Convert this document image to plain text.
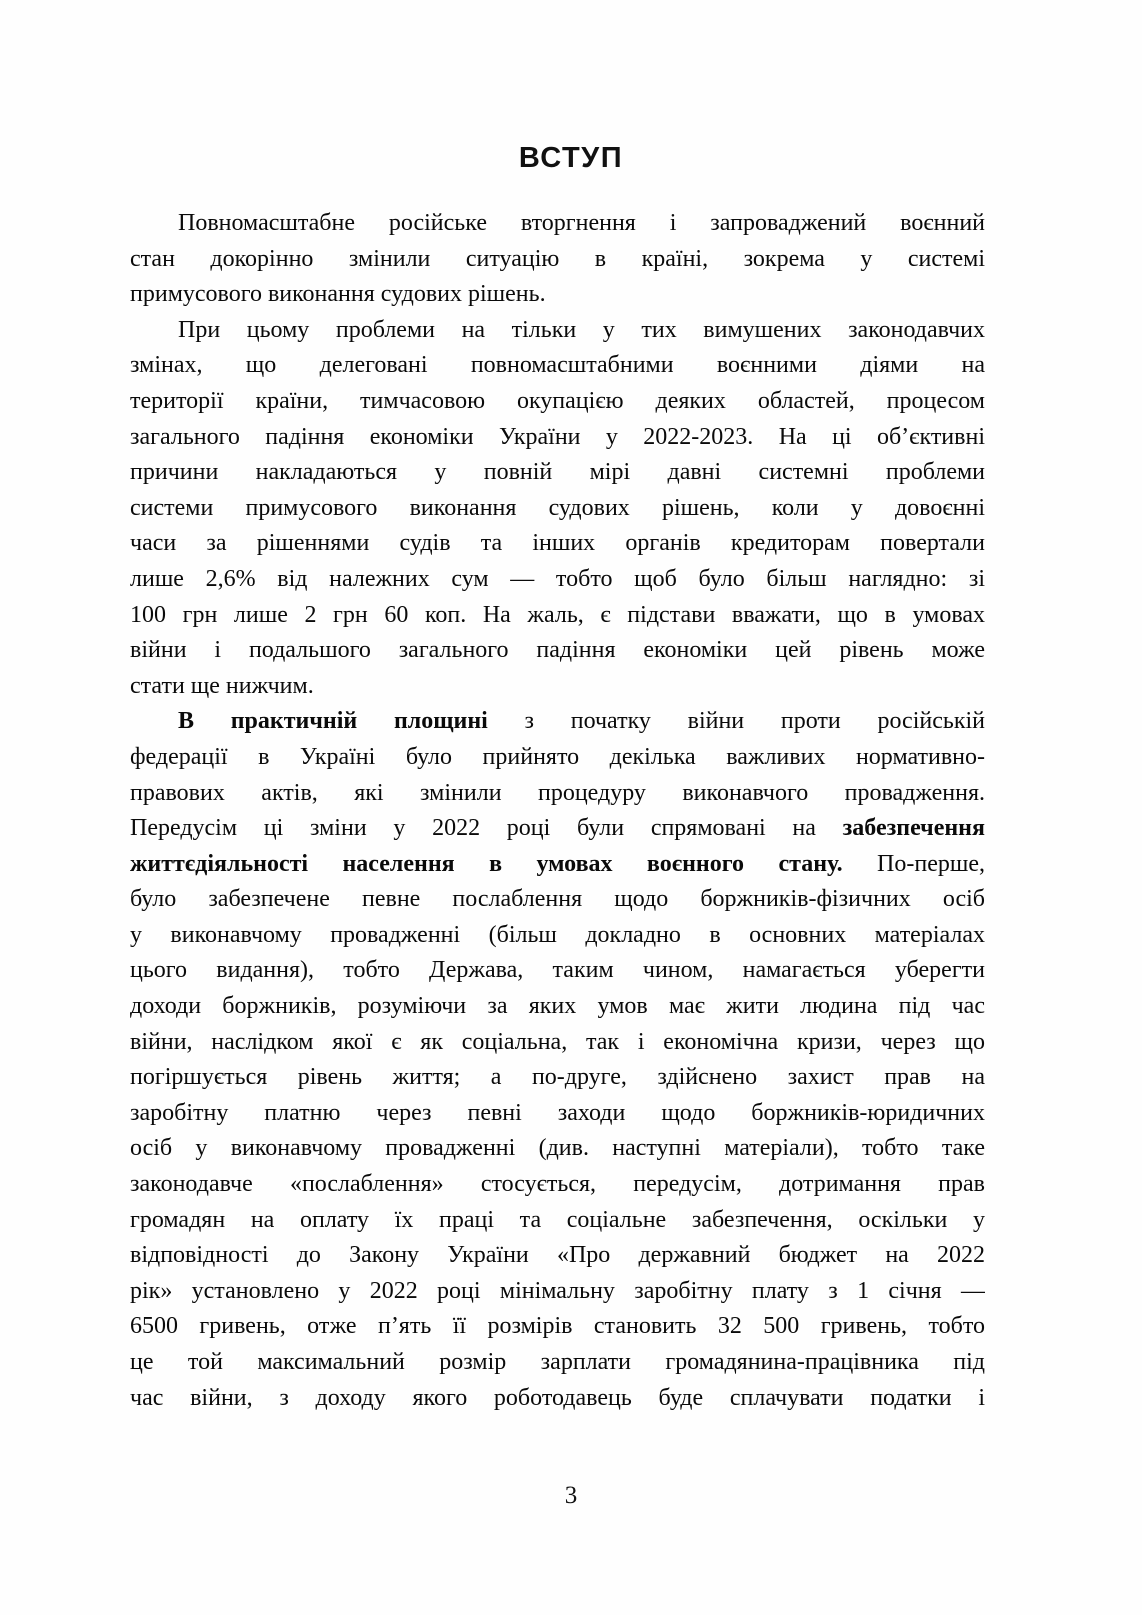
ВСТУП
Повномасштабне російське вторгнення і запроваджений воєнний
стан докорінно змінили ситуацію в країні, зокрема у системі
примусового виконання судових рішень.
При цьому проблеми на тільки у тих вимушених законодавчих
змінах, що делеговані повномасштабними воєнними діями на
території країни, тимчасовою окупацією деяких областей, процесом
загального падіння економіки України у 2022-2023. На ці об’єктивні
причини накладаються у повній мірі давні системні проблеми
системи примусового виконання судових рішень, коли у довоєнні
часи за рішеннями судів та інших органів кредиторам повертали
лише 2,6% від належних сум — тобто щоб було більш наглядно: зі
100 грн лише 2 грн 60 коп. На жаль, є підстави вважати, що в умовах
війни і подальшого загального падіння економіки цей рівень може
стати ще нижчим.
В практичній площині з початку війни проти російській
федерації в Україні було прийнято декілька важливих нормативно-
правових актів, які змінили процедуру виконавчого провадження.
Передусім ці зміни у 2022 році були спрямовані на забезпечення
життєдіяльності населення в умовах воєнного стану. По-перше,
було забезпечене певне послаблення щодо боржників-фізичних осіб
у виконавчому провадженні (більш докладно в основних матеріалах
цього видання), тобто Держава, таким чином, намагається уберегти
доходи боржників, розуміючи за яких умов має жити людина під час
війни, наслідком якої є як соціальна, так і економічна кризи, через що
погіршується рівень життя; а по-друге, здійснено захист прав на
заробітну платню через певні заходи щодо боржників-юридичних
осіб у виконавчому провадженні (див. наступні матеріали), тобто таке
законодавче «послаблення» стосується, передусім, дотримання прав
громадян на оплату їх праці та соціальне забезпечення, оскільки у
відповідності до Закону України «Про державний бюджет на 2022
рік» установлено у 2022 році мінімальну заробітну плату з 1 січня —
6500 гривень, отже п’ять її розмірів становить 32 500 гривень, тобто
це той максимальний розмір зарплати громадянина-працівника під
час війни, з доходу якого роботодавець буде сплачувати податки і
3
